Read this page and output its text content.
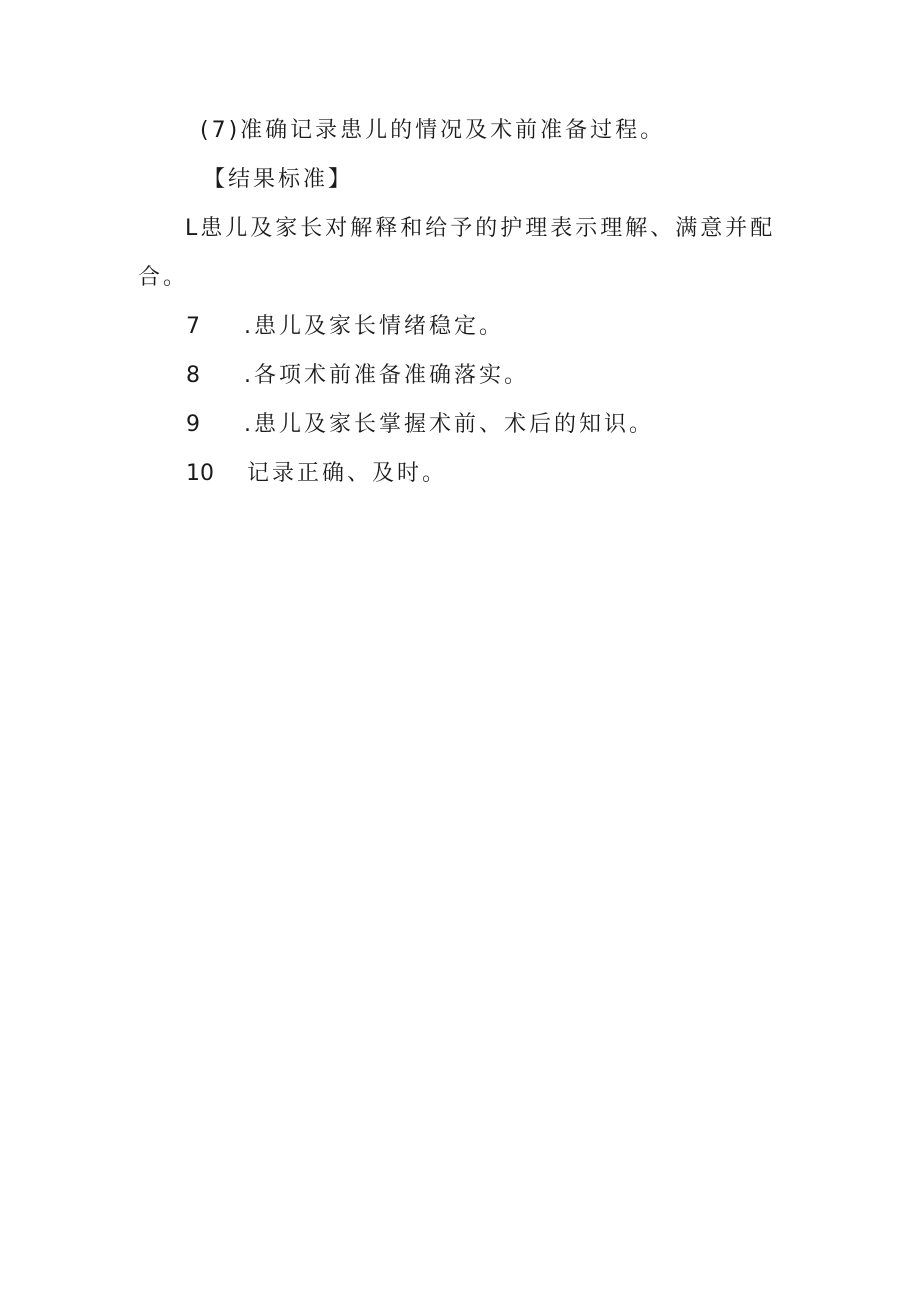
(7)准确记录患儿的情况及术前准备过程。
【结果标准】
L患儿及家长对解释和给予的护理表示理解、满意并配
合。
7 .患儿及家长情绪稳定。
8 .各项术前准备准确落实。
9 .患儿及家长掌握术前、术后的知识。
10 记录正确、及时。
